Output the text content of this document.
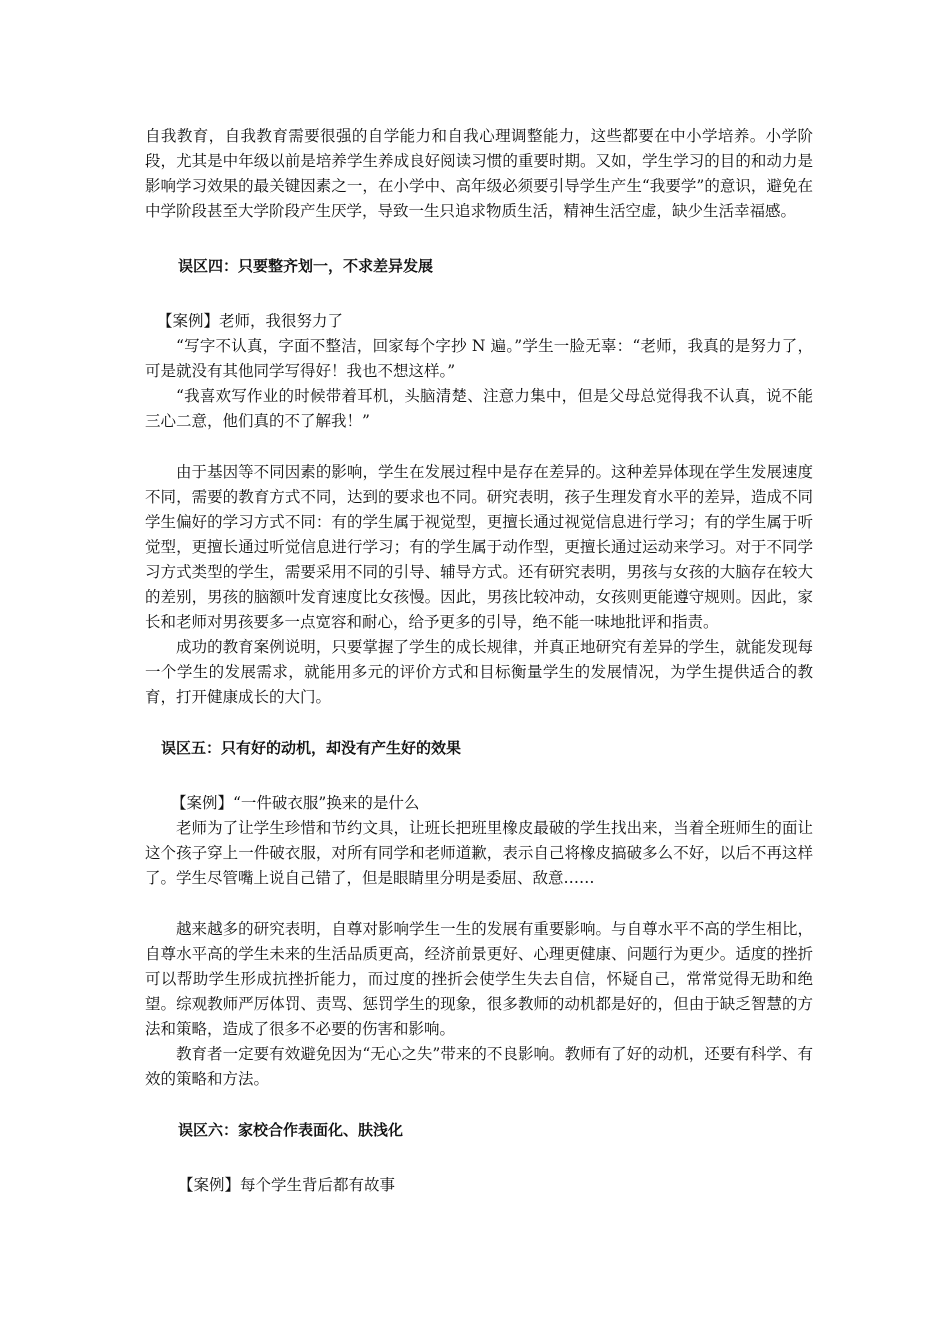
自我教育，自我教育需要很强的自学能力和自我心理调整能力，这些都要在中小学培养。小学阶段，尤其是中年级以前是培养学生养成良好阅读习惯的重要时期。又如，学生学习的目的和动力是影响学习效果的最关键因素之一，在小学中、高年级必须要引导学生产生“我要学”的意识，避免在中学阶段甚至大学阶段产生厌学，导致一生只追求物质生活，精神生活空虚，缺少生活幸福感。

误区四：只要整齐划一，不求差异发展

【案例】老师，我很努力了

“写字不认真，字面不整洁，回家每个字抄 N 遍。”学生一脸无辜：“老师，我真的是努力了，可是就没有其他同学写得好！我也不想这样。”

“我喜欢写作业的时候带着耳机，头脑清楚、注意力集中，但是父母总觉得我不认真，说不能三心二意，他们真的不了解我！”

由于基因等不同因素的影响，学生在发展过程中是存在差异的。这种差异体现在学生发展速度不同，需要的教育方式不同，达到的要求也不同。研究表明，孩子生理发育水平的差异，造成不同学生偏好的学习方式不同：有的学生属于视觉型，更擅长通过视觉信息进行学习；有的学生属于听觉型，更擅长通过听觉信息进行学习；有的学生属于动作型，更擅长通过运动来学习。对于不同学习方式类型的学生，需要采用不同的引导、辅导方式。还有研究表明，男孩与女孩的大脑存在较大的差别，男孩的脑额叶发育速度比女孩慢。因此，男孩比较冲动，女孩则更能遵守规则。因此，家长和老师对男孩要多一点宽容和耐心，给予更多的引导，绝不能一味地批评和指责。

成功的教育案例说明，只要掌握了学生的成长规律，并真正地研究有差异的学生，就能发现每一个学生的发展需求，就能用多元的评价方式和目标衡量学生的发展情况，为学生提供适合的教育，打开健康成长的大门。

误区五：只有好的动机，却没有产生好的效果

【案例】“一件破衣服”换来的是什么

老师为了让学生珍惜和节约文具，让班长把班里橡皮最破的学生找出来，当着全班师生的面让这个孩子穿上一件破衣服，对所有同学和老师道歉，表示自己将橡皮搞破多么不好，以后不再这样了。学生尽管嘴上说自己错了，但是眼睛里分明是委屈、敌意……

越来越多的研究表明，自尊对影响学生一生的发展有重要影响。与自尊水平不高的学生相比，自尊水平高的学生未来的生活品质更高，经济前景更好、心理更健康、问题行为更少。适度的挫折可以帮助学生形成抗挫折能力，而过度的挫折会使学生失去自信，怀疑自己，常常觉得无助和绝望。综观教师严厉体罚、责骂、惩罚学生的现象，很多教师的动机都是好的，但由于缺乏智慧的方法和策略，造成了很多不必要的伤害和影响。

教育者一定要有效避免因为“无心之失”带来的不良影响。教师有了好的动机，还要有科学、有效的策略和方法。

误区六：家校合作表面化、肤浅化

【案例】每个学生背后都有故事
